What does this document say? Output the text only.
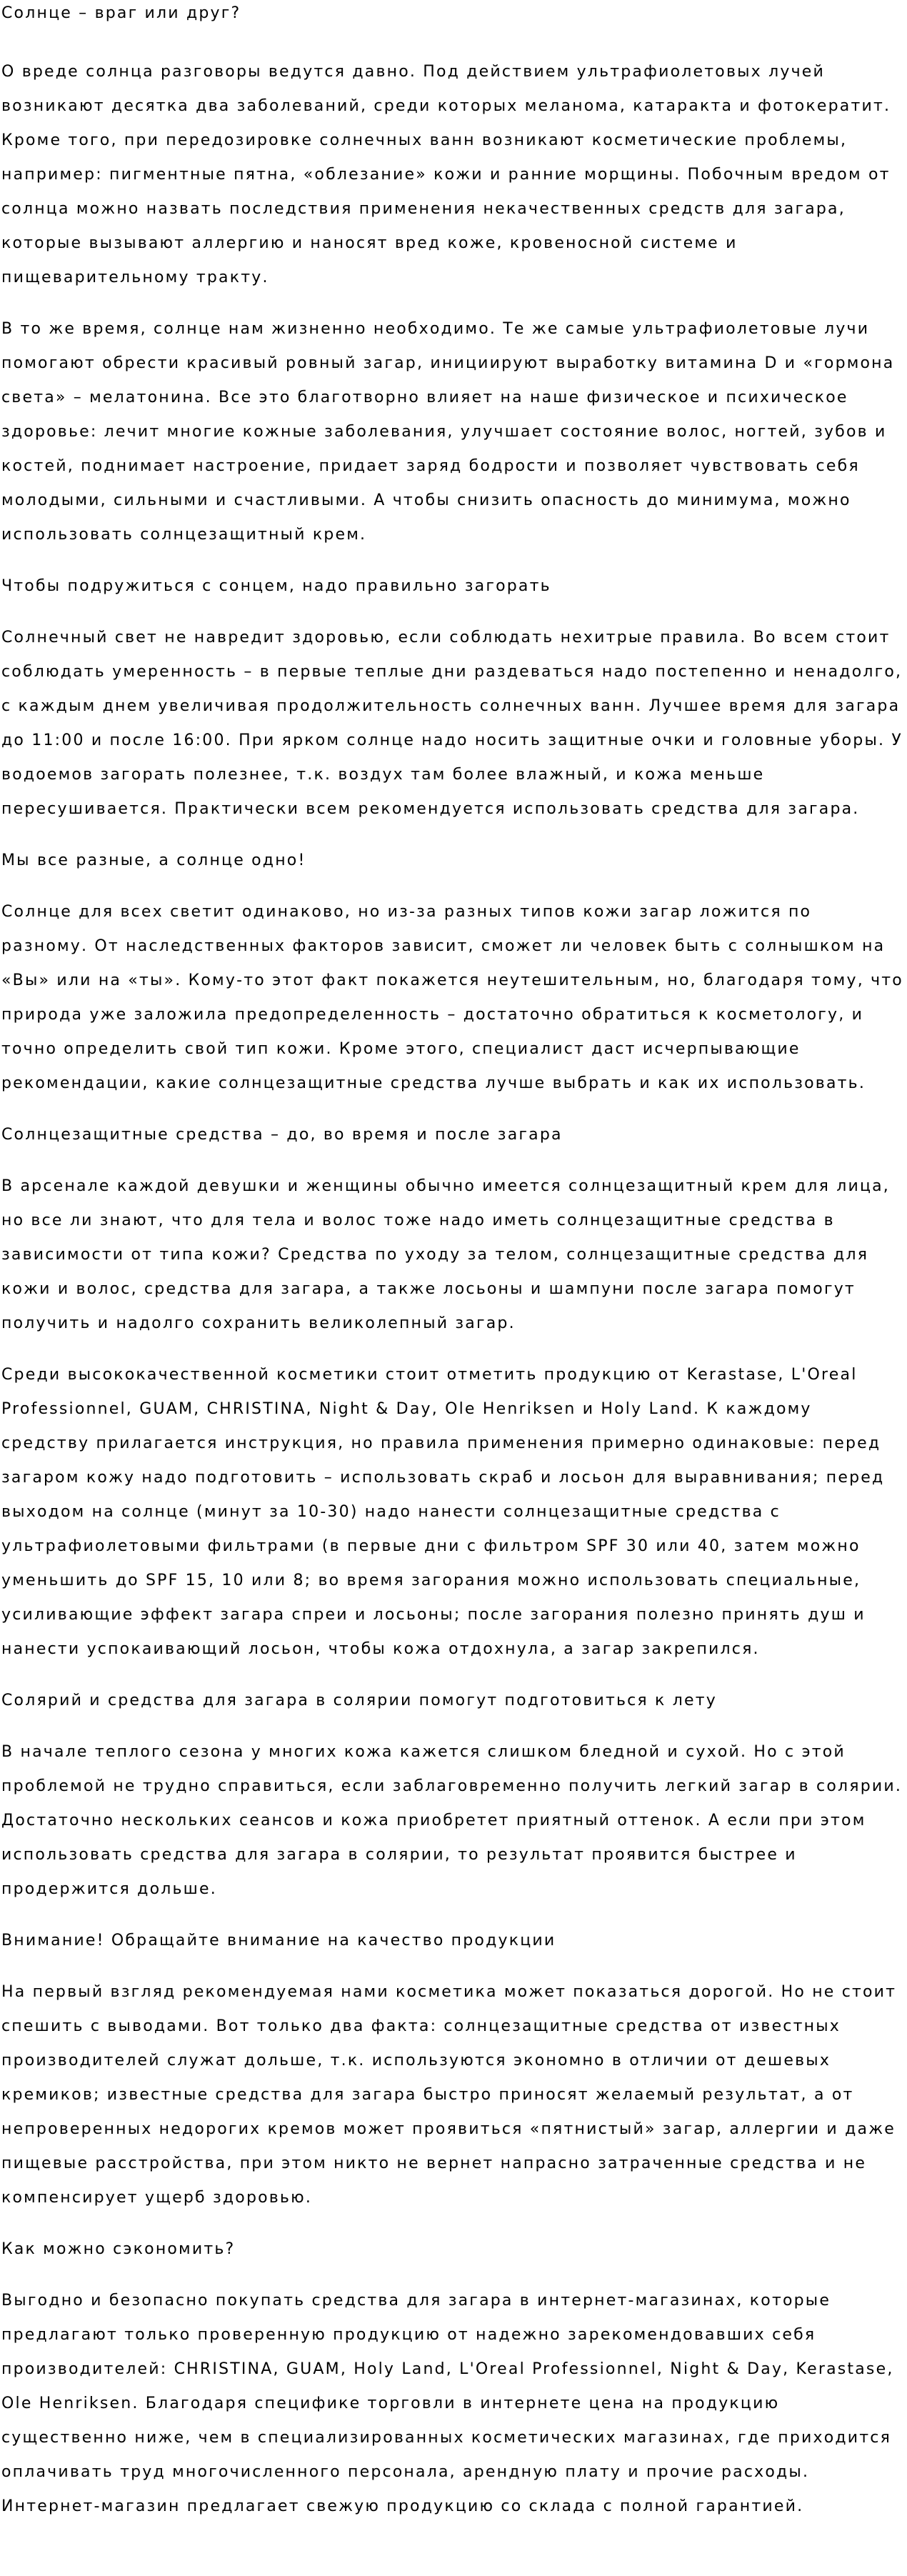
Солнце – враг или друг?

О вреде солнца разговоры ведутся давно. Под действием ультрафиолетовых лучей возникают десятка два заболеваний, среди которых меланома, катаракта и фотокератит. Кроме того, при передозировке солнечных ванн возникают косметические проблемы, например: пигментные пятна, «облезание» кожи и ранние морщины. Побочным вредом от солнца можно назвать последствия применения некачественных средств для загара, которые вызывают аллергию и наносят вред коже, кровеносной системе и пищеварительному тракту.

В то же время, солнце нам жизненно необходимо. Те же самые ультрафиолетовые лучи помогают обрести красивый ровный загар, инициируют выработку витамина D и «гормона света» – мелатонина. Все это благотворно влияет на наше физическое и психическое здоровье: лечит многие кожные заболевания, улучшает состояние волос, ногтей, зубов и костей, поднимает настроение, придает заряд бодрости и позволяет чувствовать себя молодыми, сильными и счастливыми. А чтобы снизить опасность до минимума, можно использовать солнцезащитный крем.

Чтобы подружиться с сонцем, надо правильно загорать

Солнечный свет не навредит здоровью, если соблюдать нехитрые правила. Во всем стоит соблюдать умеренность – в первые теплые дни раздеваться надо постепенно и ненадолго, с каждым днем увеличивая продолжительность солнечных ванн. Лучшее время для загара до 11:00 и после 16:00. При ярком солнце надо носить защитные очки и головные уборы. У водоемов загорать полезнее, т.к. воздух там более влажный, и кожа меньше пересушивается. Практически всем рекомендуется использовать средства для загара.

Мы все разные, а солнце одно!

Солнце для всех светит одинаково, но из-за разных типов кожи загар ложится по разному. От наследственных факторов зависит, сможет ли человек быть с солнышком на «Вы» или на «ты». Кому-то этот факт покажется неутешительным, но, благодаря тому, что природа уже заложила предопределенность – достаточно обратиться к косметологу, и точно определить свой тип кожи. Кроме этого, специалист даст исчерпывающие рекомендации, какие солнцезащитные средства лучше выбрать и как их использовать.

Солнцезащитные средства – до, во время и после загара

В арсенале каждой девушки и женщины обычно имеется солнцезащитный крем для лица, но все ли знают, что для тела и волос тоже надо иметь солнцезащитные средства в зависимости от типа кожи? Средства по уходу за телом, солнцезащитные средства для кожи и волос, средства для загара, а также лосьоны и шампуни после загара помогут получить и надолго сохранить великолепный загар.

Среди высококачественной косметики стоит отметить продукцию от Kerastase, L'Oreal Professionnel, GUAM, CHRISTINA, Night & Day, Ole Henriksen и Holy Land. К каждому средству прилагается инструкция, но правила применения примерно одинаковые: перед загаром кожу надо подготовить – использовать скраб и лосьон для выравнивания; перед выходом на солнце (минут за 10-30) надо нанести солнцезащитные средства с ультрафиолетовыми фильтрами (в первые дни с фильтром SPF 30 или 40, затем можно уменьшить до SPF 15, 10 или 8; во время загорания можно использовать специальные, усиливающие эффект загара спреи и лосьоны; после загорания полезно принять душ и нанести успокаивающий лосьон, чтобы кожа отдохнула, а загар закрепился.

Солярий и средства для загара в солярии помогут подготовиться к лету

В начале теплого сезона у многих кожа кажется слишком бледной и сухой. Но с этой проблемой не трудно справиться, если заблаговременно получить легкий загар в солярии. Достаточно нескольких сеансов и кожа приобретет приятный оттенок. А если при этом использовать средства для загара в солярии, то результат проявится быстрее и продержится дольше.

Внимание! Обращайте внимание на качество продукции

На первый взгляд рекомендуемая нами косметика может показаться дорогой. Но не стоит спешить с выводами. Вот только два факта: солнцезащитные средства от известных производителей служат дольше, т.к. используются экономно в отличии от дешевых кремиков; известные средства для загара быстро приносят желаемый результат, а от непроверенных недорогих кремов может проявиться «пятнистый» загар, аллергии и даже пищевые расстройства, при этом никто не вернет напрасно затраченные средства и не компенсирует ущерб здоровью.

Как можно сэкономить?

Выгодно и безопасно покупать средства для загара в интернет-магазинах, которые предлагают только проверенную продукцию от надежно зарекомендовавших себя производителей: CHRISTINA, GUAM, Holy Land, L'Oreal Professionnel, Night & Day, Kerastase, Ole Henriksen. Благодаря специфике торговли в интернете цена на продукцию существенно ниже, чем в специализированных косметических магазинах, где приходится оплачивать труд многочисленного персонала, арендную плату и прочие расходы. Интернет-магазин предлагает свежую продукцию со склада с полной гарантией.
